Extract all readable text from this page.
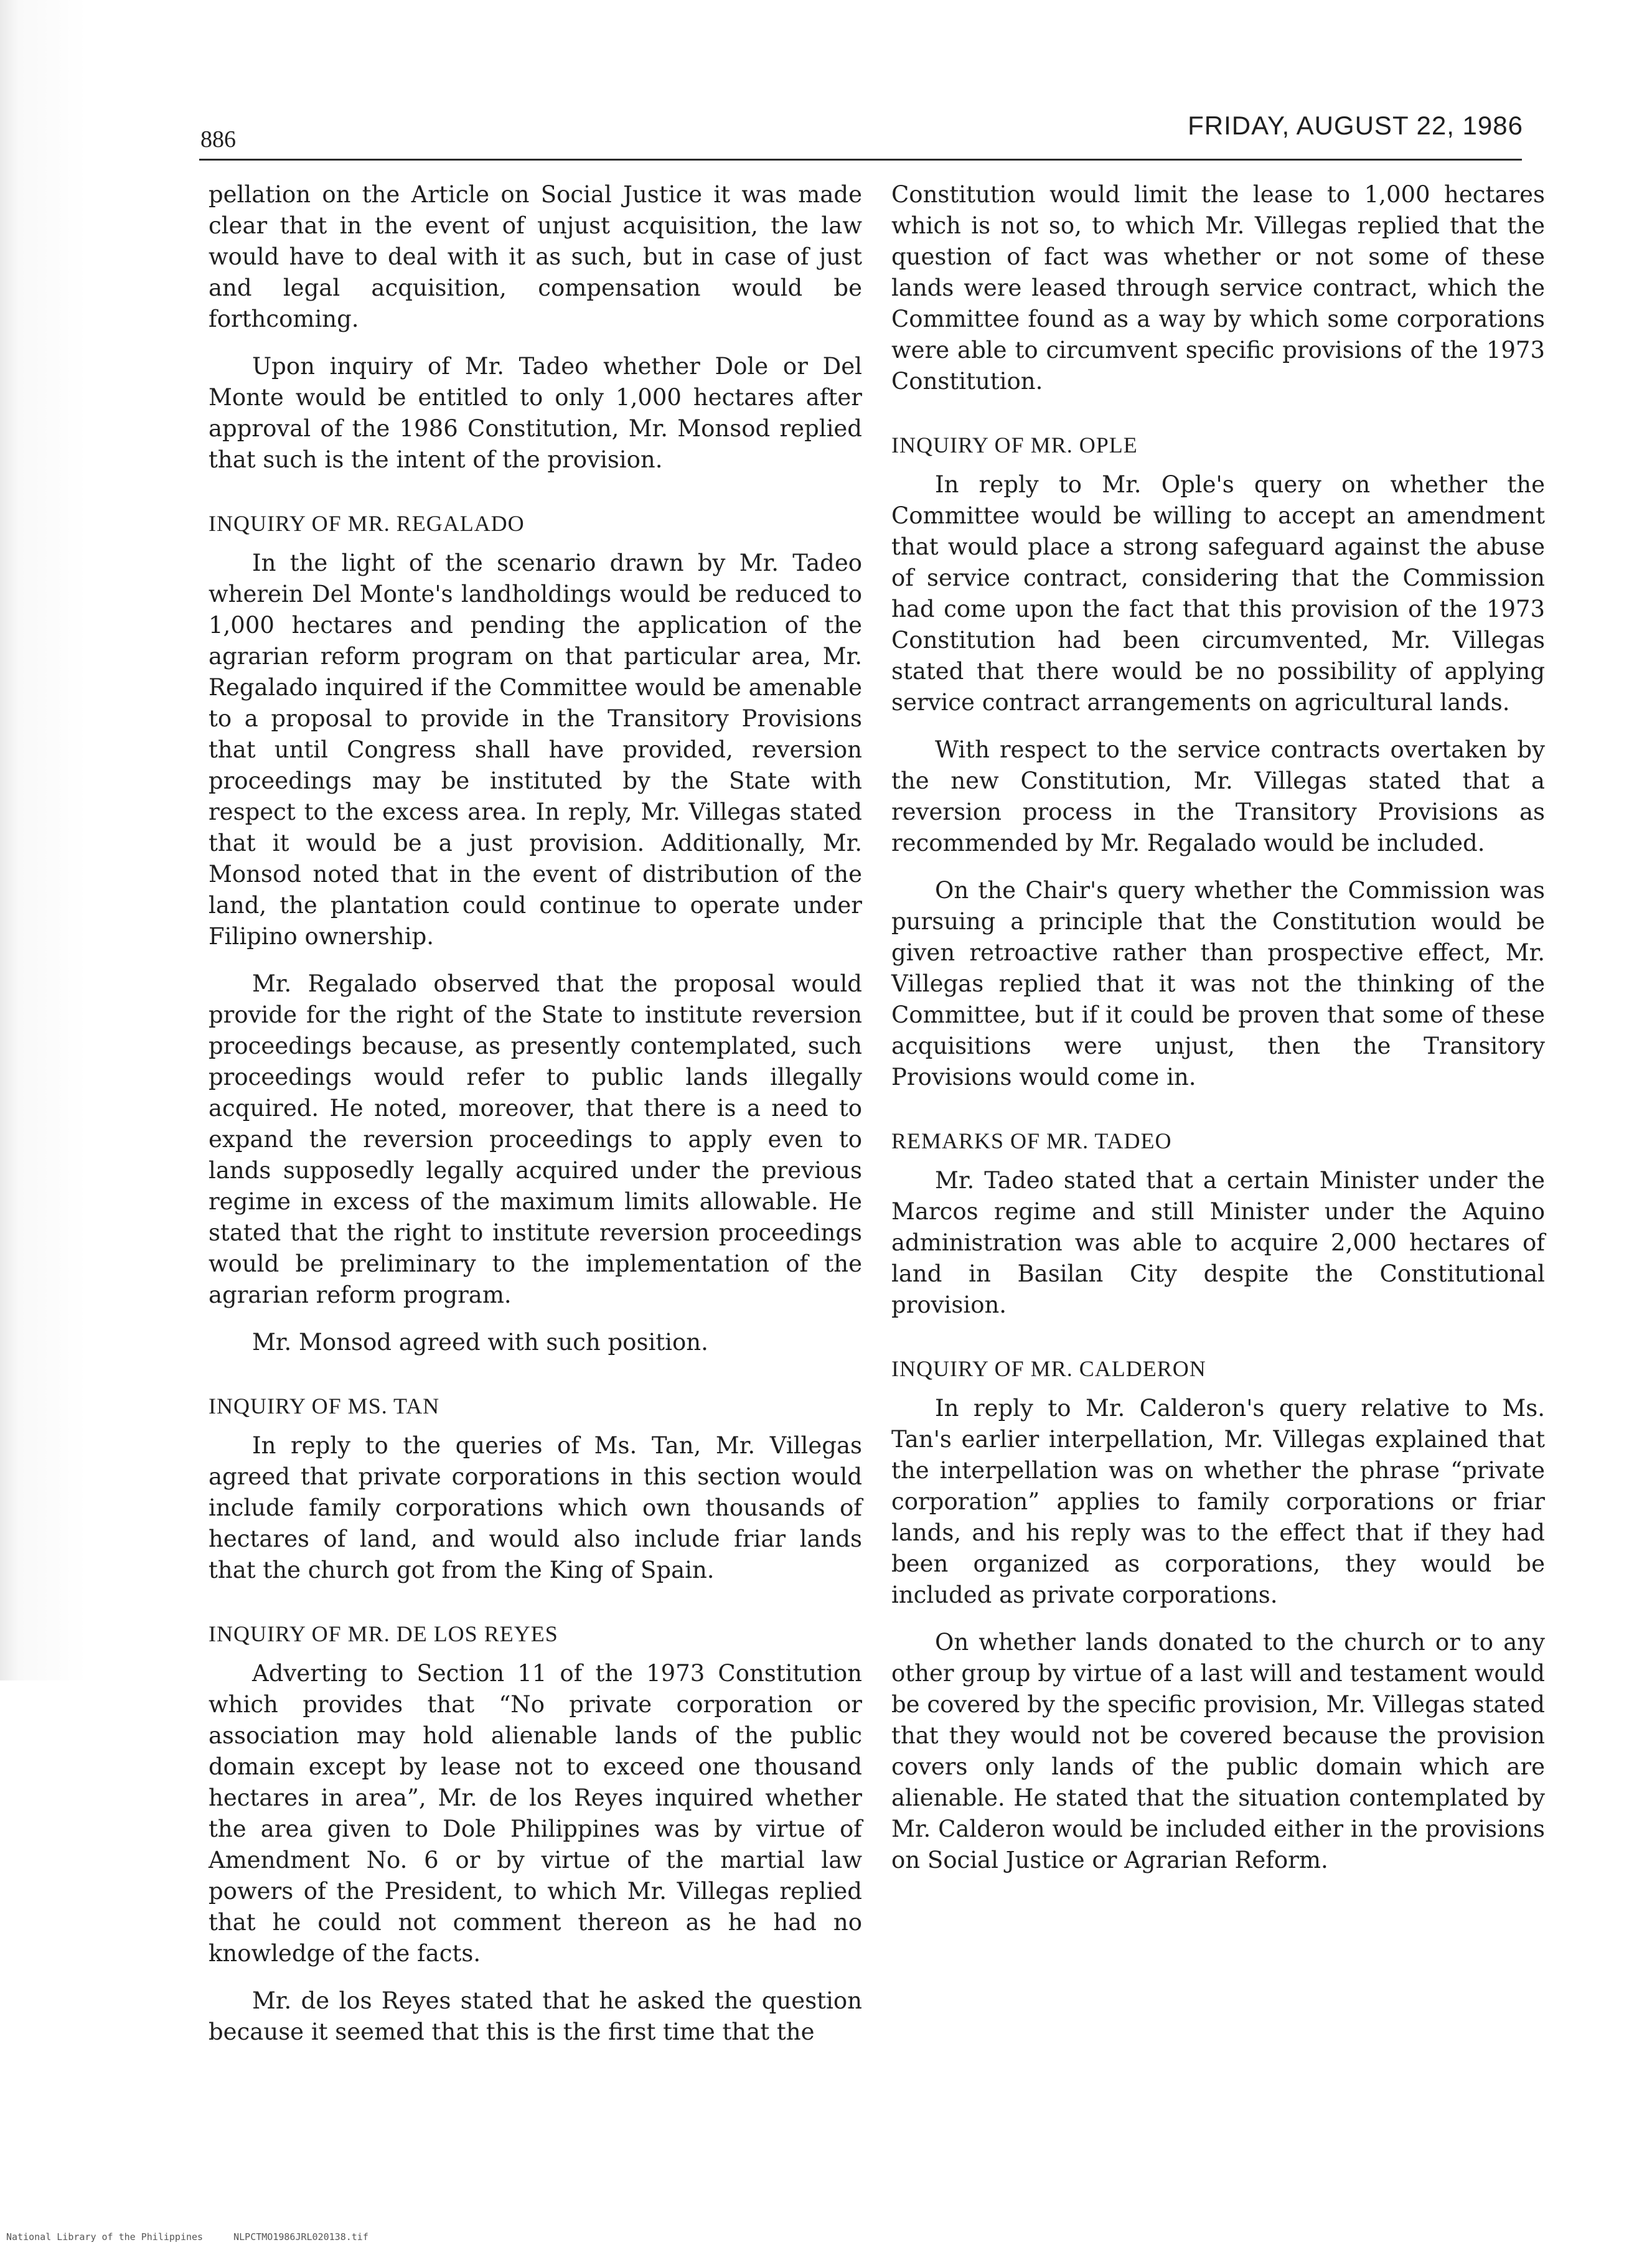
886	FRIDAY, AUGUST 22, 1986

pellation on the Article on Social Justice it was made clear that in the event of unjust acquisition, the law would have to deal with it as such, but in case of just and legal acquisition, compensation would be forthcoming.

Upon inquiry of Mr. Tadeo whether Dole or Del Monte would be entitled to only 1,000 hectares after approval of the 1986 Constitution, Mr. Monsod replied that such is the intent of the provision.

INQUIRY OF MR. REGALADO

In the light of the scenario drawn by Mr. Tadeo wherein Del Monte's landholdings would be reduced to 1,000 hectares and pending the application of the agrarian reform program on that particular area, Mr. Regalado inquired if the Committee would be amenable to a proposal to provide in the Transitory Provisions that until Congress shall have provided, reversion proceedings may be instituted by the State with respect to the excess area. In reply, Mr. Villegas stated that it would be a just provision. Additionally, Mr. Monsod noted that in the event of distribution of the land, the plantation could continue to operate under Filipino ownership.

Mr. Regalado observed that the proposal would provide for the right of the State to institute reversion proceedings because, as presently contemplated, such proceedings would refer to public lands illegally acquired. He noted, moreover, that there is a need to expand the reversion proceedings to apply even to lands supposedly legally acquired under the previous regime in excess of the maximum limits allowable. He stated that the right to institute reversion proceedings would be preliminary to the implementation of the agrarian reform program.

Mr. Monsod agreed with such position.

INQUIRY OF MS. TAN

In reply to the queries of Ms. Tan, Mr. Villegas agreed that private corporations in this section would include family corporations which own thousands of hectares of land, and would also include friar lands that the church got from the King of Spain.

INQUIRY OF MR. DE LOS REYES

Adverting to Section 11 of the 1973 Constitution which provides that “No private corporation or association may hold alienable lands of the public domain except by lease not to exceed one thousand hectares in area”, Mr. de los Reyes inquired whether the area given to Dole Philippines was by virtue of Amendment No. 6 or by virtue of the martial law powers of the President, to which Mr. Villegas replied that he could not comment thereon as he had no knowledge of the facts.

Mr. de los Reyes stated that he asked the question because it seemed that this is the first time that the

Constitution would limit the lease to 1,000 hectares which is not so, to which Mr. Villegas replied that the question of fact was whether or not some of these lands were leased through service contract, which the Committee found as a way by which some corporations were able to circumvent specific provisions of the 1973 Constitution.

INQUIRY OF MR. OPLE

In reply to Mr. Ople's query on whether the Committee would be willing to accept an amendment that would place a strong safeguard against the abuse of service contract, considering that the Commission had come upon the fact that this provision of the 1973 Constitution had been circumvented, Mr. Villegas stated that there would be no possibility of applying service contract arrangements on agricultural lands.

With respect to the service contracts overtaken by the new Constitution, Mr. Villegas stated that a reversion process in the Transitory Provisions as recommended by Mr. Regalado would be included.

On the Chair's query whether the Commission was pursuing a principle that the Constitution would be given retroactive rather than prospective effect, Mr. Villegas replied that it was not the thinking of the Committee, but if it could be proven that some of these acquisitions were unjust, then the Transitory Provisions would come in.

REMARKS OF MR. TADEO

Mr. Tadeo stated that a certain Minister under the Marcos regime and still Minister under the Aquino administration was able to acquire 2,000 hectares of land in Basilan City despite the Constitutional provision.

INQUIRY OF MR. CALDERON

In reply to Mr. Calderon's query relative to Ms. Tan's earlier interpellation, Mr. Villegas explained that the interpellation was on whether the phrase “private corporation” applies to family corporations or friar lands, and his reply was to the effect that if they had been organized as corporations, they would be included as private corporations.

On whether lands donated to the church or to any other group by virtue of a last will and testament would be covered by the specific provision, Mr. Villegas stated that they would not be covered because the provision covers only lands of the public domain which are alienable. He stated that the situation contemplated by Mr. Calderon would be included either in the provisions on Social Justice or Agrarian Reform.

National Library of the Philippines	NLPCTMO1986JRL020138.tif
